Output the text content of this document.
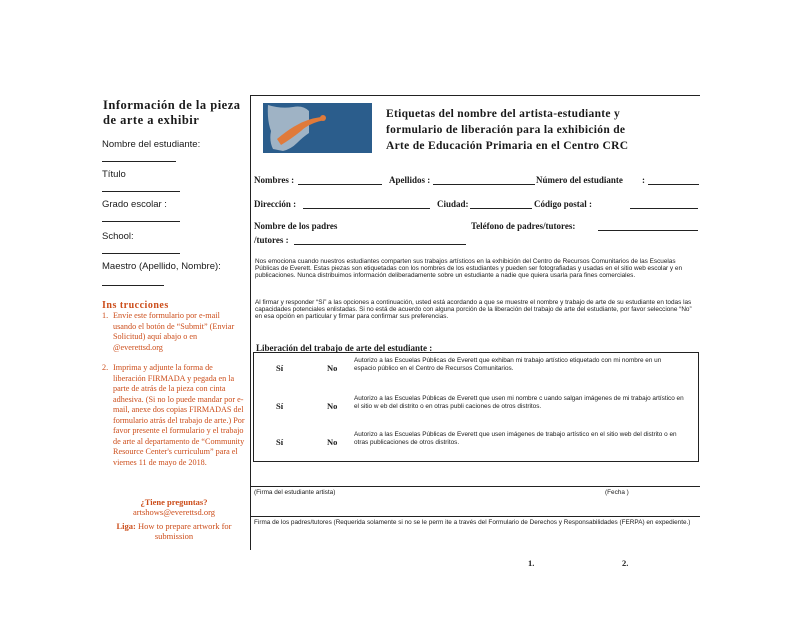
Información de la pieza de arte a exhibir
Nombre del estudiante:
Título
Grado escolar :
School:
Maestro (Apellido, Nombre):
Ins trucciones
1. Envíe este formulario por e-mail usando el botón de “Submit” (Enviar Solicitud) aquí abajo o en @everettsd.org
2. Imprima y adjunte la forma de liberación FIRMADA y pegada en la parte de atrás de la pieza con cinta adhesiva. (Si no lo puede mandar por e-mail, anexe dos copias FIRMADAS del formulario atrás del trabajo de arte.) Por favor presente el formulario y el trabajo de arte al departamento de “Community Resource Center's curriculum” para el viernes 11 de mayo de 2018.
¿Tiene preguntas?
artshows@everettsd.org
Liga: How to prepare artwork for submission
Etiquetas del nombre del artista-estudiante y
formulario de liberación para la exhibición de
Arte de Educación Primaria en el Centro CRC
Nombres :	Apellidos :	Número del estudiante :
Dirección :	Ciudad:	Código postal :
Nombre de los padres
/tutores :
Teléfono de padres/tutores:
Nos emociona cuando nuestros estudiantes comparten sus trabajos artísticos en la exhibición del Centro de Recursos Comunitarios de las Escuelas Públicas de Everett. Estas piezas son etiquetadas con los nombres de los estudiantes y pueden ser fotografiadas y usadas en el sitio web escolar y en publicaciones. Nunca distribuimos información deliberadamente sobre un estudiante a nadie que quiera usarla para fines comerciales.
Al firmar y responder “Sí” a las opciones a continuación, usted está acordando a que se muestre el nombre y trabajo de arte de su estudiante en todas las capacidades potenciales enlistadas. Si no está de acuerdo con alguna porción de la liberación del trabajo de arte del estudiante, por favor seleccione “No” en esa opción en particular y firmar para confirmar sus preferencias.
Liberación del trabajo de arte del estudiante :
Sí	No
Autorizo a las Escuelas Públicas de Everett que exhiban mi trabajo artístico etiquetado con mi nombre en un espacio público en el Centro de Recursos Comunitarios.
Sí	No
Autorizo a las Escuelas Públicas de Everett que usen mi nombre c uando salgan imágenes de mi trabajo artístico en el sitio w eb del distrito o en otras publi caciones de otros distritos.
Sí	No
Autorizo a las Escuelas Públicas de Everett que usen imágenes de trabajo artístico en el sitio web del distrito o en otras publicaciones de otros distritos.
(Firma del estudiante artista)	(Fecha )
Firma de los padres/tutores (Requerida solamente si no se le perm ite a través del Formulario de Derechos y Responsabilidades (FERPA) en expediente.)
1.	2.
